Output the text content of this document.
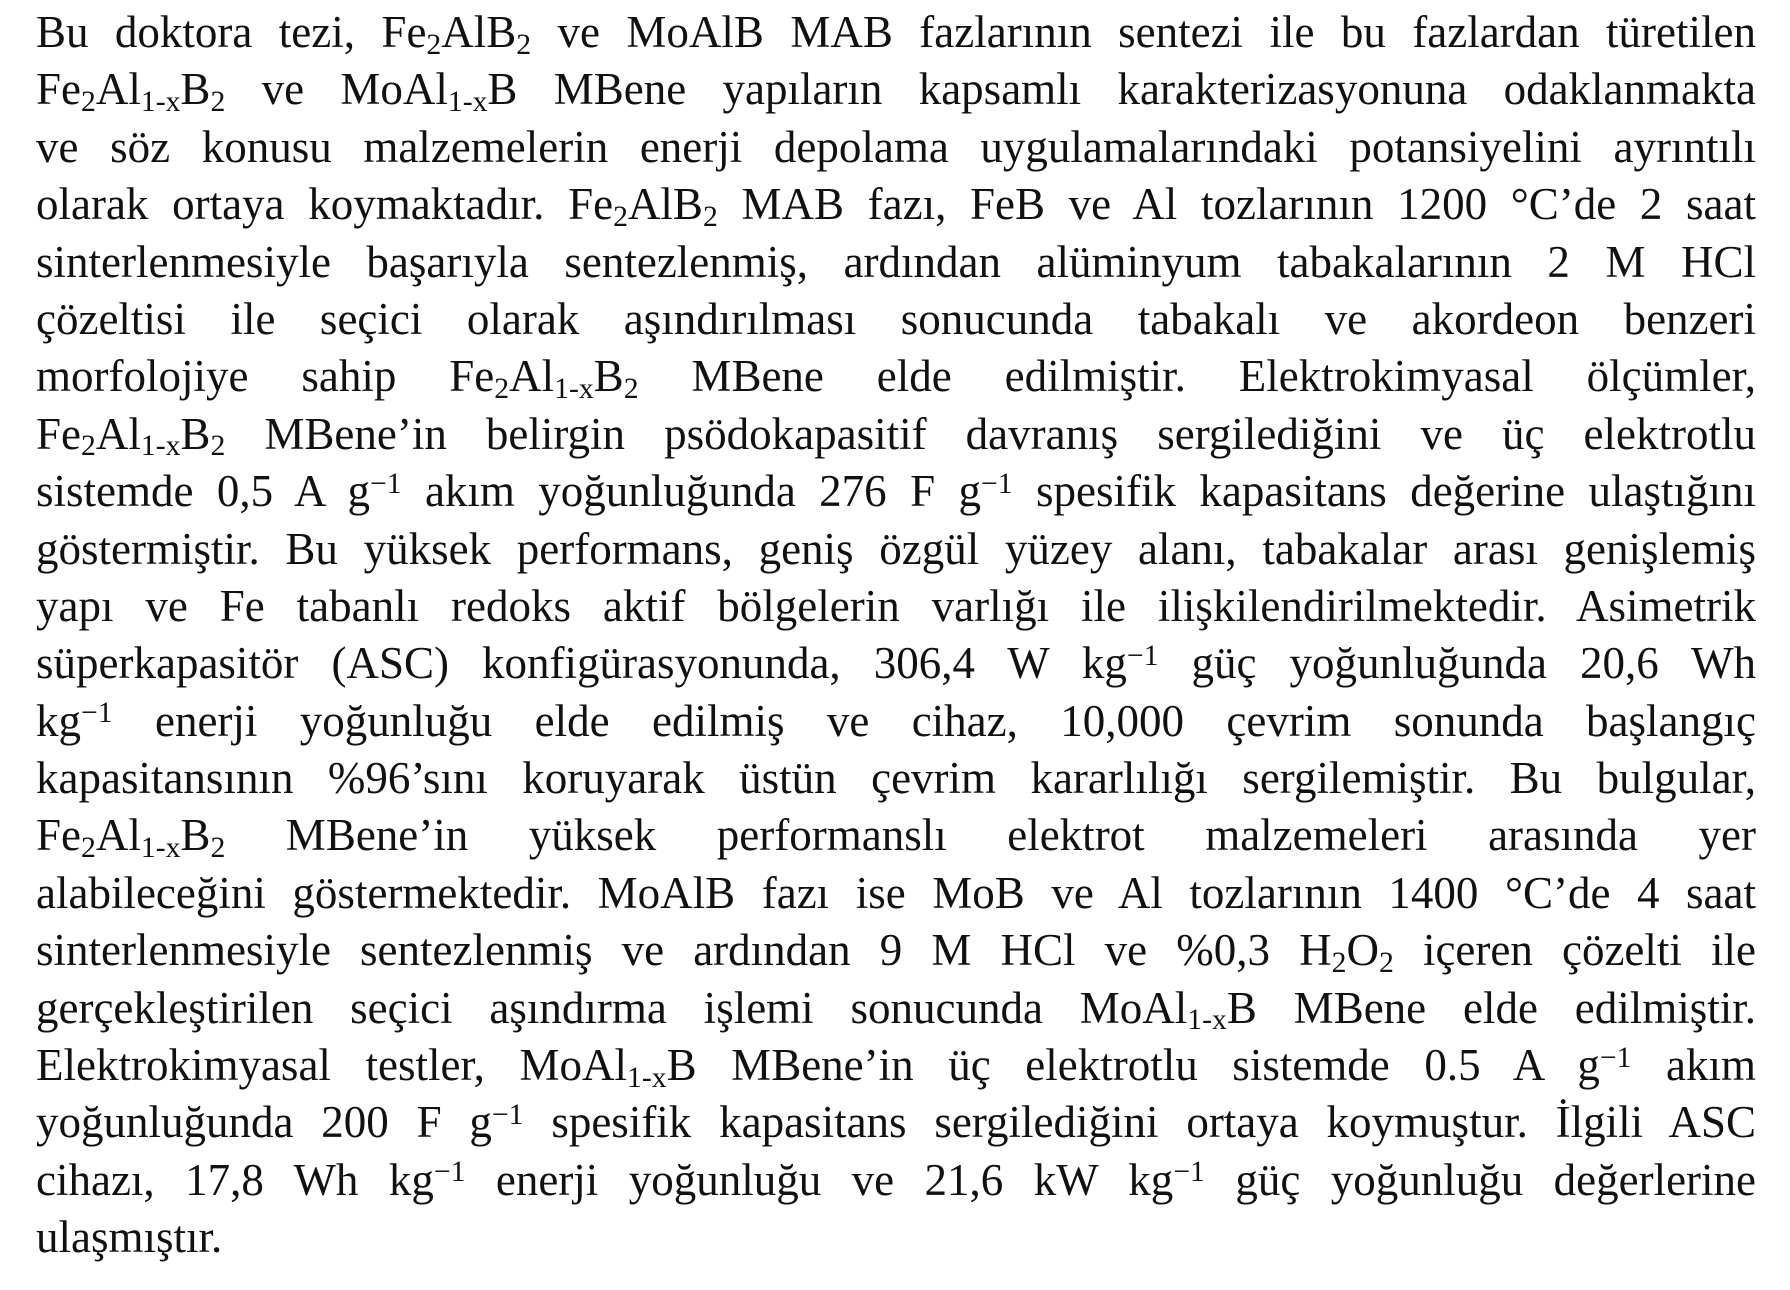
Bu doktora tezi, $Fe_2AlB_2$ ve MoAlB MAB fazlarının sentezi ile bu fazlardan türetilen
$Fe_2Al_{1-x}B_2$ ve MoAl$_{1-x}$B MBene yapıların kapsamlı karakterizasyonuna odaklanmakta
ve söz konusu malzemelerin enerji depolama uygulamalarındaki potansiyelini ayrıntılı
olarak ortaya koymaktadır. $Fe_2AlB_2$ MAB fazı, FeB ve Al tozlarının 1200 °C’de 2 saat
sinterlenmesiyle başarıyla sentezlenmiş, ardından alüminyum tabakalarının 2 M HCl
çözeltisi ile seçici olarak aşındırılması sonucunda tabakalı ve akordeon benzeri
morfolojiye sahip $Fe_2Al_{1-x}B_2$ MBene elde edilmiştir. Elektrokimyasal ölçümler,
$Fe_2Al_{1-x}B_2$ MBene’in belirgin psödokapasitif davranış sergilediğini ve üç elektrotlu
sistemde 0,5 A $g^{-1}$ akım yoğunluğunda 276 F $g^{-1}$ spesifik kapasitans değerine ulaştığını
göstermiştir. Bu yüksek performans, geniş özgül yüzey alanı, tabakalar arası genişlemiş
yapı ve Fe tabanlı redoks aktif bölgelerin varlığı ile ilişkilendirilmektedir. Asimetrik
süperkapasitör (ASC) konfigürasyonunda, 306,4 W $kg^{-1}$ güç yoğunluğunda 20,6 Wh
$kg^{-1}$ enerji yoğunluğu elde edilmiş ve cihaz, 10,000 çevrim sonunda başlangıç
kapasitansının %96’sını koruyarak üstün çevrim kararlılığı sergilemiştir. Bu bulgular,
$Fe_2Al_{1-x}B_2$ MBene’in yüksek performanslı elektrot malzemeleri arasında yer
alabileceğini göstermektedir. MoAlB fazı ise MoB ve Al tozlarının 1400 °C’de 4 saat
sinterlenmesiyle sentezlenmiş ve ardından 9 M HCl ve %0,3 $H_2O_2$ içeren çözelti ile
gerçekleştirilen seçici aşındırma işlemi sonucunda MoAl$_{1-x}$B MBene elde edilmiştir.
Elektrokimyasal testler, MoAl$_{1-x}$B MBene’in üç elektrotlu sistemde 0.5 A $g^{-1}$ akım
yoğunluğunda 200 F $g^{-1}$ spesifik kapasitans sergilediğini ortaya koymuştur. İlgili ASC
cihazı, 17,8 Wh $kg^{-1}$ enerji yoğunluğu ve 21,6 kW $kg^{-1}$ güç yoğunluğu değerlerine
ulaşmıştır.
